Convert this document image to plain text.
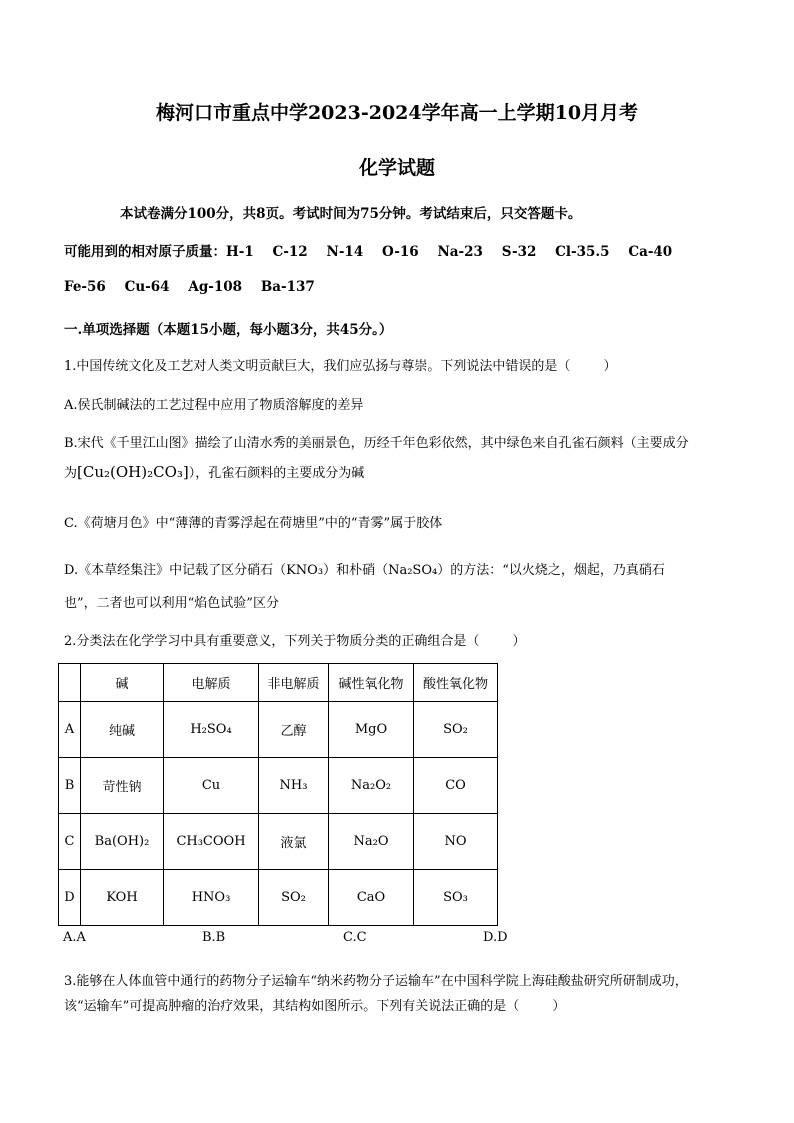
梅河口市重点中学2023-2024学年高一上学期10月月考
化学试题
本试卷满分100分，共8页。考试时间为75分钟。考试结束后，只交答题卡。
可能用到的相对原子质量：H-1    C-12    N-14    O-16    Na-23    S-32    Cl-35.5    Ca-40
Fe-56    Cu-64    Ag-108    Ba-137
一.单项选择题（本题15小题，每小题3分，共45分。）
1.中国传统文化及工艺对人类文明贡献巨大，我们应弘扬与尊崇。下列说法中错误的是（        ）
A.侯氏制碱法的工艺过程中应用了物质溶解度的差异
B.宋代《千里江山图》描绘了山清水秀的美丽景色，历经千年色彩依然，其中绿色来自孔雀石颜料（主要成分
为[Cu₂(OH)₂CO₃]），孔雀石颜料的主要成分为碱
C.《荷塘月色》中“薄薄的青雾浮起在荷塘里”中的“青雾”属于胶体
D.《本草经集注》中记载了区分硝石（KNO₃）和朴硝（Na₂SO₄）的方法：“以火烧之，烟起，乃真硝石
也”，二者也可以利用“焰色试验”区分
2.分类法在化学学习中具有重要意义，下列关于物质分类的正确组合是（        ）
	碱	电解质	非电解质	碱性氧化物	酸性氧化物
A	纯碱	H₂SO₄	乙醇	MgO	SO₂
B	苛性钠	Cu	NH₃	Na₂O₂	CO
C	Ba(OH)₂	CH₃COOH	液氯	Na₂O	NO
D	KOH	HNO₃	SO₂	CaO	SO₃
A.A	B.B	C.C	D.D
3.能够在人体血管中通行的药物分子运输车“纳米药物分子运输车”在中国科学院上海硅酸盐研究所研制成功，
该“运输车”可提高肿瘤的治疗效果，其结构如图所示。下列有关说法正确的是（        ）
